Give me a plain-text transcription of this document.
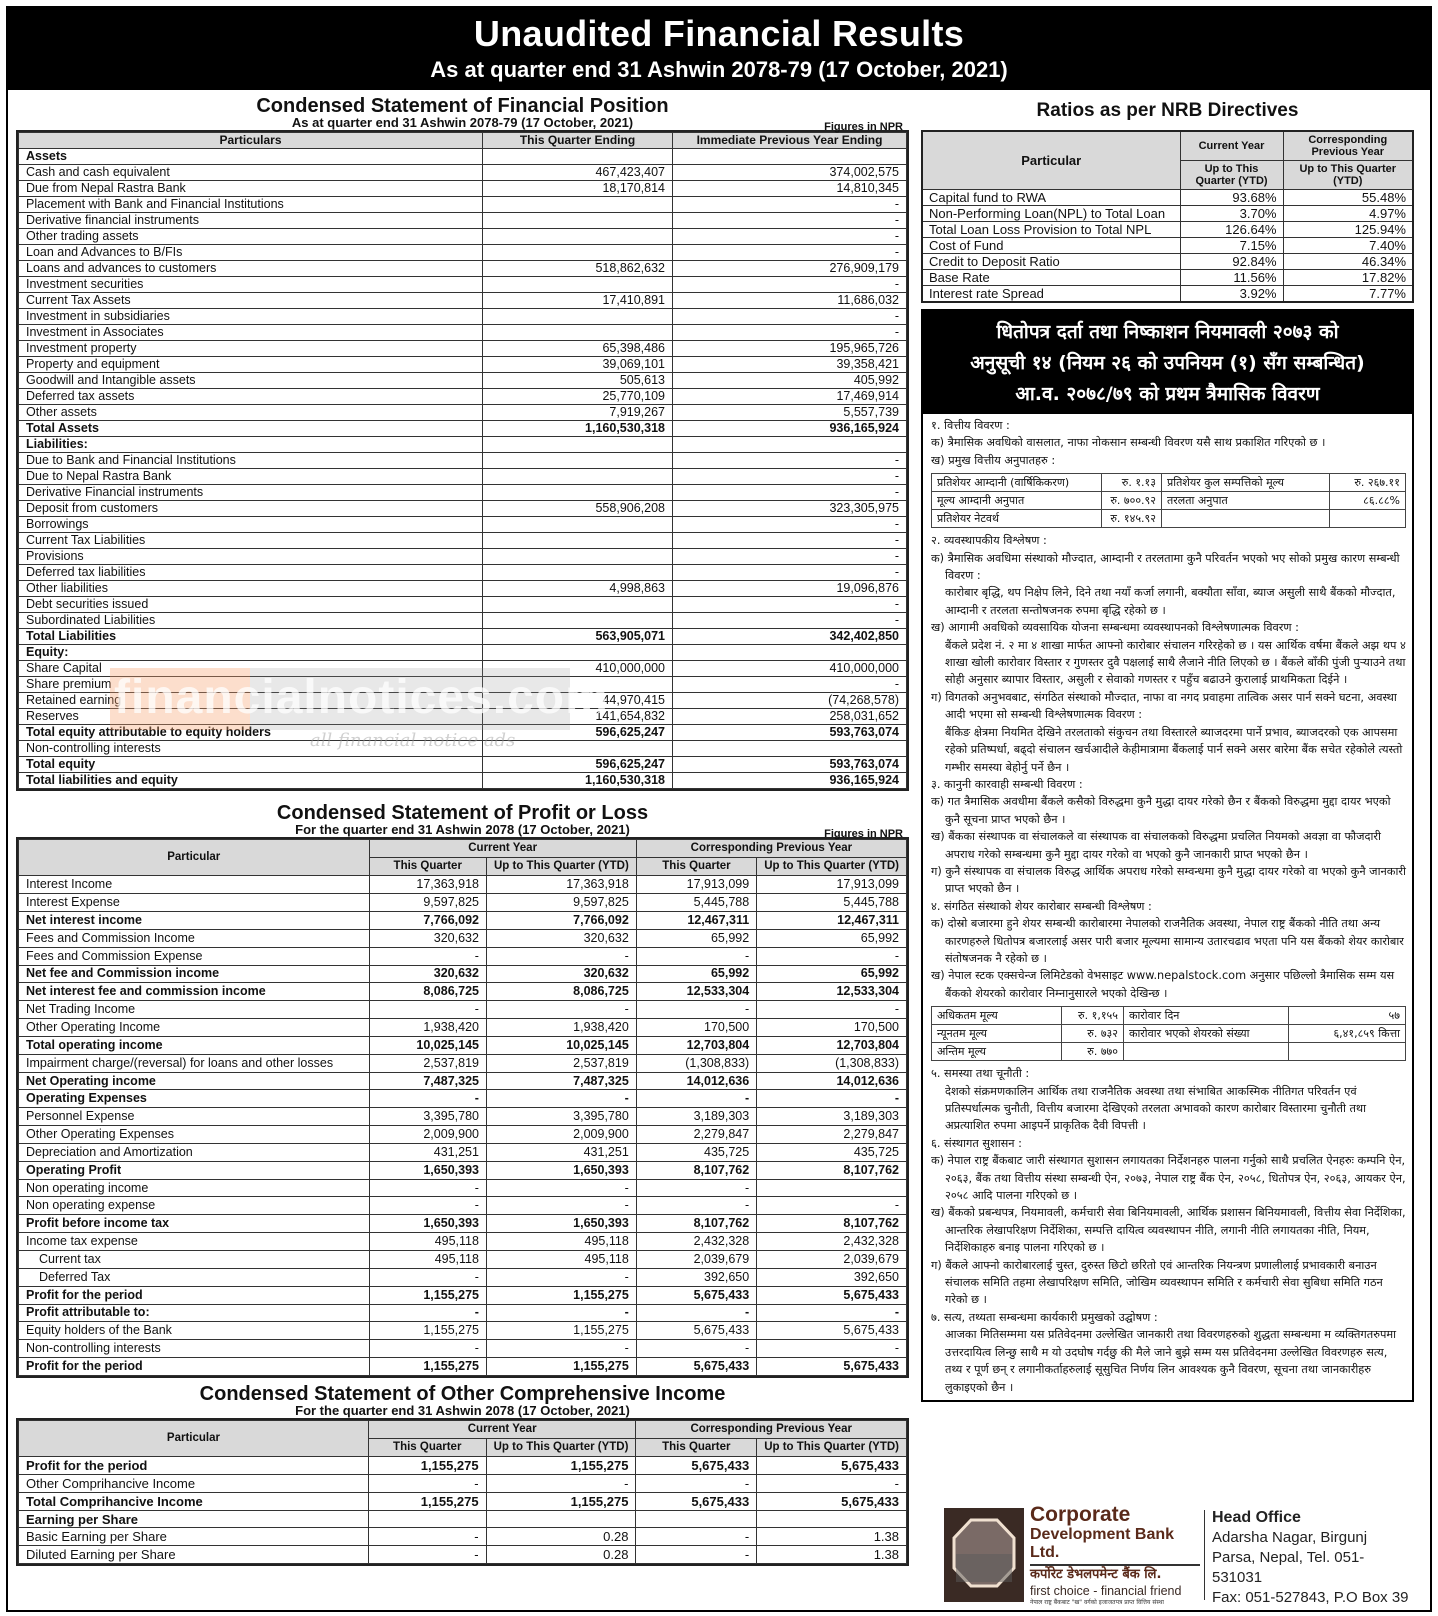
Unaudited Financial Results
As at quarter end 31 Ashwin 2078-79 (17 October, 2021)
Condensed Statement of Financial Position
As at quarter end 31 Ashwin 2078-79 (17 October, 2021)	Figures in NPR
Particulars	This Quarter Ending	Immediate Previous Year Ending
Assets		
Cash and cash equivalent	467,423,407	374,002,575
Due from Nepal Rastra Bank	18,170,814	14,810,345
Placement with Bank and Financial Institutions		-
Derivative financial instruments		-
Other trading assets		-
Loan and Advances to B/FIs		-
Loans and advances to customers	518,862,632	276,909,179
Investment securities		-
Current Tax Assets	17,410,891	11,686,032
Investment in subsidiaries		-
Investment in Associates		-
Investment property	65,398,486	195,965,726
Property and equipment	39,069,101	39,358,421
Goodwill and Intangible assets	505,613	405,992
Deferred tax assets	25,770,109	17,469,914
Other assets	7,919,267	5,557,739
Total Assets	1,160,530,318	936,165,924
Liabilities:		
Due to Bank and Financial Institutions		-
Due to Nepal Rastra Bank		-
Derivative Financial instruments		-
Deposit from customers	558,906,208	323,305,975
Borrowings		-
Current Tax Liabilities		-
Provisions		-
Deferred tax liabilities		-
Other liabilities	4,998,863	19,096,876
Debt securities issued		-
Subordinated Liabilities		-
Total Liabilities	563,905,071	342,402,850
Equity:		
Share Capital	410,000,000	410,000,000
Share premium		-
Retained earning	44,970,415	(74,268,578)
Reserves	141,654,832	258,031,652
Total equity attributable to equity holders	596,625,247	593,763,074
Non-controlling interests		
Total equity	596,625,247	593,763,074
Total liabilities and equity	1,160,530,318	936,165,924
Condensed Statement of Profit or Loss
For the quarter end 31 Ashwin 2078 (17 October, 2021)	Figures in NPR
Particular	Current Year		Corresponding Previous Year	
	This Quarter	Up to This Quarter (YTD)	This Quarter	Up to This Quarter (YTD)
Interest Income	17,363,918	17,363,918	17,913,099	17,913,099
Interest Expense	9,597,825	9,597,825	5,445,788	5,445,788
Net interest income	7,766,092	7,766,092	12,467,311	12,467,311
Fees and Commission Income	320,632	320,632	65,992	65,992
Fees and Commission Expense	-	-	-	-
Net fee and Commission income	320,632	320,632	65,992	65,992
Net interest fee and commission income	8,086,725	8,086,725	12,533,304	12,533,304
Net Trading Income	-	-	-	-
Other Operating Income	1,938,420	1,938,420	170,500	170,500
Total operating income	10,025,145	10,025,145	12,703,804	12,703,804
Impairment charge/(reversal) for loans and other losses	2,537,819	2,537,819	(1,308,833)	(1,308,833)
Net Operating income	7,487,325	7,487,325	14,012,636	14,012,636
Operating Expenses	-	-	-	-
Personnel Expense	3,395,780	3,395,780	3,189,303	3,189,303
Other Operating Expenses	2,009,900	2,009,900	2,279,847	2,279,847
Depreciation and Amortization	431,251	431,251	435,725	435,725
Operating Profit	1,650,393	1,650,393	8,107,762	8,107,762
Non operating income	-	-	-	
Non operating expense	-	-	-	-
Profit before income tax	1,650,393	1,650,393	8,107,762	8,107,762
Income tax expense	495,118	495,118	2,432,328	2,432,328
Current tax	495,118	495,118	2,039,679	2,039,679
Deferred Tax	-	-	392,650	392,650
Profit for the period	1,155,275	1,155,275	5,675,433	5,675,433
Profit attributable to:	-	-	-	-
Equity holders of the Bank	1,155,275	1,155,275	5,675,433	5,675,433
Non-controlling interests	-	-	-	-
Profit for the period	1,155,275	1,155,275	5,675,433	5,675,433
Condensed Statement of Other Comprehensive Income
For the quarter end 31 Ashwin 2078 (17 October, 2021)
Particular	Current Year		Corresponding Previous Year	
	This Quarter	Up to This Quarter (YTD)	This Quarter	Up to This Quarter (YTD)
Profit for the period	1,155,275	1,155,275	5,675,433	5,675,433
Other Comprihancive Income	-	-	-	-
Total Comprihancive Income	1,155,275	1,155,275	5,675,433	5,675,433
Earning per Share				
Basic Earning per Share	-	0.28	-	1.38
Diluted Earning per Share	-	0.28	-	1.38
financialnotices.com
all financial notice ads
Ratios as per NRB Directives
Particular	Current Year	Corresponding Previous Year
	Up to This Quarter (YTD)	Up to This Quarter (YTD)
Capital fund to RWA	93.68%	55.48%
Non-Performing Loan(NPL) to Total Loan	3.70%	4.97%
Total Loan Loss Provision to Total NPL	126.64%	125.94%
Cost of Fund	7.15%	7.40%
Credit to Deposit Ratio	92.84%	46.34%
Base Rate	11.56%	17.82%
Interest rate Spread	3.92%	7.77%
धितोपत्र दर्ता तथा निष्काशन नियमावली २०७३ को
अनुसूची १४ (नियम २६ को उपनियम (१) सँग सम्बन्धित)
आ.व. २०७८/७९ को प्रथम त्रैमासिक विवरण

१. वित्तीय विवरण :

क) त्रैमासिक अवधिको वासलात, नाफा नोकसान सम्बन्धी विवरण यसै साथ प्रकाशित गरिएको छ ।

ख) प्रमुख वित्तीय अनुपातहरु :

प्रतिशेयर आम्दानी (वार्षिकिकरण)	रु. १.१३	प्रतिशेयर कुल सम्पत्तिको मूल्य	रु. २६७.११
मूल्य आम्दानी अनुपात	रु. ७००.९२	तरलता अनुपात	८६.८८%
प्रतिशेयर नेटवर्थ	रु. १४५.९२		

२. व्यवस्थापकीय विश्लेषण :

क) त्रैमासिक अवधिमा संस्थाको मौज्दात, आम्दानी र तरलतामा कुनै परिवर्तन भएको भए सोको प्रमुख कारण सम्बन्धी विवरण :

कारोबार बृद्धि, थप निक्षेप लिने, दिने तथा नयाँ कर्जा लगानी, बक्यौता साँवा, ब्याज असुली साथै बैंकको मौज्दात, आम्दानी र तरलता सन्तोषजनक रुपमा बृद्धि रहेको छ ।

ख) आगामी अवधिको व्यवसायिक योजना सम्बन्धमा व्यवस्थापनको विश्लेषणात्मक विवरण :

बैंकले प्रदेश नं. २ मा ४ शाखा मार्फत आफ्नो कारोबार संचालन गरिरहेको छ । यस आर्थिक वर्षमा बैंकले अझ थप ४ शाखा खोली कारोवार विस्तार र गुणस्तर दुवै पक्षलाई साथै लैजाने नीति लिएको छ । बैंकले बाँकी पुंजी पुऱ्याउने तथा सोही अनुसार ब्यापार विस्तार, असुली र सेवाको गणस्तर र पहुँच बढाउने कुरालाई प्राथमिकता दिईने ।

ग) विगतको अनुभवबाट, संगठित संस्थाको मौज्दात, नाफा वा नगद प्रवाहमा तात्विक असर पार्न सक्ने घटना, अवस्था आदी भएमा सो सम्बन्धी विश्लेषणात्मक विवरण :

बैंकिङ क्षेत्रमा नियमित देखिने तरलताको संकुचन तथा विस्तारले ब्याजदरमा पार्ने प्रभाव, ब्याजदरको एक आपसमा रहेको प्रतिष्पर्धा, बढ्दो संचालन खर्चआदीले केहीमात्रामा बैंकलाई पार्न सक्ने असर बारेमा बैंक सचेत रहेकोले त्यस्तो गम्भीर समस्या बेहोर्नु पर्ने छैन ।

३. कानुनी कारवाही सम्बन्धी विवरण :

क) गत त्रैमासिक अवधीमा बैंकले कसैको विरुद्धमा कुनै मुद्धा दायर गरेको छैन र बैंकको विरुद्धमा मुद्दा दायर भएको कुनै सूचना प्राप्त भएको छैन ।

ख) बैंकका संस्थापक वा संचालकले वा संस्थापक वा संचालकको विरुद्धमा प्रचलित नियमको अवज्ञा वा फौजदारी अपराध गरेको सम्बन्धमा कुनै मुद्दा दायर गरेको वा भएको कुनै जानकारी प्राप्त भएको छैन ।

ग) कुनै संस्थापक वा संचालक विरुद्ध आर्थिक अपराध गरेको सम्वन्धमा कुनै मुद्धा दायर गरेको वा भएको कुनै जानकारी प्राप्त भएको छैन ।

४. संगठित संस्थाको शेयर कारोबार सम्बन्धी विश्लेषण :

क) दोस्रो बजारमा हुने शेयर सम्बन्धी कारोबारमा नेपालको राजनैतिक अवस्था, नेपाल राष्ट्र बैंकको नीति तथा अन्य कारणहरुले धितोपत्र बजारलाई असर पारी बजार मूल्यमा सामान्य उतारचढाव भएता पनि यस बैंकको शेयर कारोबार संतोषजनक नै रहेको छ ।

ख) नेपाल स्टक एक्सचेन्ज लिमिटेडको वेभसाइट www.nepalstock.com अनुसार पछिल्लो त्रैमासिक सम्म यस बैंकको शेयरको कारोवार निम्नानुसारले भएको देखिन्छ ।

अधिकतम मूल्य	रु. १,१५५	कारोवार दिन	५७
न्यूनतम मूल्य	रु. ७३२	कारोवार भएको शेयरको संख्या	६,४१,८५९ कित्ता
अन्तिम मूल्य	रु. ७७०		

५. समस्या तथा चूनौती :

देशको संक्रमणकालिन आर्थिक तथा राजनैतिक अवस्था तथा संभाबित आकस्मिक नीतिगत परिवर्तन एवं प्रतिस्पर्धात्मक चुनौती, वित्तीय बजारमा देखिएको तरलता अभावको कारण कारोबार विस्तारमा चुनौती तथा अप्रत्याशित रुपमा आइपर्ने प्राकृतिक दैवी विपत्ती ।

६. संस्थागत सुशासन :

क) नेपाल राष्ट्र बैंकबाट जारी संस्थागत सुशासन लगायतका निर्देशनहरु पालना गर्नुको साथै प्रचलित ऐनहरुः कम्पनि ऐन, २०६३, बैंक तथा वित्तीय संस्था सम्बन्धी ऐन, २०७३, नेपाल राष्ट्र बैंक ऐन, २०५८, धितोपत्र ऐन, २०६३, आयकर ऐन, २०५८ आदि पालना गरिएको छ ।

ख) बैंकको प्रबन्धपत्र, नियमावली, कर्मचारी सेवा बिनियमावली, आर्थिक प्रशासन बिनियमावली, वित्तीय सेवा निर्देशिका, आन्तरिक लेखापरिक्षण निर्देशिका, सम्पत्ति दायित्व व्यवस्थापन नीति, लगानी नीति लगायतका नीति, नियम, निर्देशिकाहरु बनाइ पालना गरिएको छ ।

ग) बैंकले आफ्नो कारोबारलाई चुस्त, दुरुस्त छिटो छरितो एवं आन्तरिक नियन्त्रण प्रणालीलाई प्रभावकारी बनाउन संचालक समिति तहमा लेखापरिक्षण समिति, जोखिम व्यवस्थापन समिति र कर्मचारी सेवा सुबिधा समिति गठन गरेको छ ।

७. सत्य, तथ्यता सम्बन्धमा कार्यकारी प्रमुखको उद्घोषण :

आजका मितिसम्ममा यस प्रतिवेदनमा उल्लेखित जानकारी तथा विवरणहरुको शुद्धता सम्बन्धमा म व्यक्तिगतरुपमा उत्तरदायित्व लिन्छु साथै म यो उदघोष गर्दछु की मैले जाने बुझे सम्म यस प्रतिवेदनमा उल्लेखित विवरणहरु सत्य, तथ्य र पूर्ण छन् र लगानीकर्ताहरुलाई सूसुचित निर्णय लिन आवश्यक कुनै विवरण, सूचना तथा जानकारीहरु लुकाइएको छैन ।

Corporate
Development Bank Ltd.
कर्पोरेट डेभलपमेन्ट बैंक लि.
first choice - financial friend
नेपाल राष्ट्र बैंकबाट "ख" वर्गको इजाजतपत्र प्राप्त वित्तिय संस्था
Head Office
Adarsha Nagar, Birgunj
Parsa, Nepal, Tel. 051-531031
Fax: 051-527843, P.O Box 39
